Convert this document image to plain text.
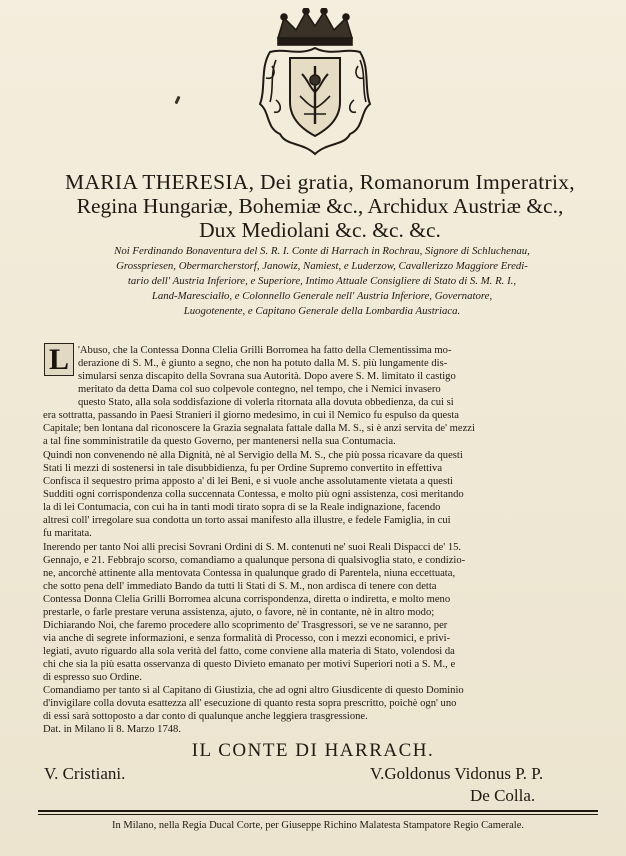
MARIA THERESIA, Dei gratia, Romanorum Imperatrix,
Regina Hungariæ, Bohemiæ &c., Archidux Austriæ &c.,
Dux Mediolani &c. &c. &c.
Noi Ferdinando Bonaventura del S. R. I. Conte di Harrach in Rochrau, Signore di Schluchenau,
Grosspriesen, Obermarcherstorf, Janowiz, Namiest, e Luderzow, Cavallerizzo Maggiore Eredi-
tario dell' Austria Inferiore, e Superiore, Intimo Attuale Consigliere di Stato di S. M. R. I.,
Land-Marescialło, e Colonnello Generale nell' Austria Inferiore, Governatore,
Luogotenente, e Capitano Generale della Lombardia Austriaca.
L 'Abuso, che la Contessa Donna Clelia Grilli Borromea ha fatto della Clementissima mo-
derazione di S. M., è giunto a segno, che non ha potuto dalla M. S. più lungamente dis-
simularsi senza discapito della Sovrana sua Autorità. Dopo avere S. M. limitato il castigo
meritato da detta Dama col suo colpevole contegno, nel tempo, che i Nemici invasero
questo Stato, alla sola soddisfazione di volerla ritornata alla dovuta obbedienza, da cui si
era sottratta, passando in Paesi Stranieri il giorno medesimo, in cui il Nemico fu espulso da questa
Capitale; ben lontana dal riconoscere la Grazia segnalata fattale dalla M. S., si è anzi servita de' mezzi
a tal fine somministratile da questo Governo, per mantenersi nella sua Contumacia.
Quindi non convenendo nè alla Dignità, nè al Servigio della M. S., che più possa ricavare da questi
Stati li mezzi di sostenersi in tale disubbidienza, fu per Ordine Supremo convertito in effettiva
Confisca il sequestro prima apposto a' di lei Beni, e si vuole anche assolutamente vietata a questi
Sudditi ogni corrispondenza colla succennata Contessa, e molto più ogni assistenza, così meritando
la di lei Contumacia, con cui ha in tanti modi tirato sopra di se la Reale indignazione, facendo
altresì coll' irregolare sua condotta un torto assai manifesto alla illustre, e fedele Famiglia, in cui
fu maritata.
Inerendo per tanto Noi alli precisi Sovrani Ordini di S. M. contenuti ne' suoi Reali Dispacci de' 15.
Gennajo, e 21. Febbrajo scorso, comandiamo a qualunque persona di qualsivoglia stato, e condizio-
ne, ancorchè attinente alla mentovata Contessa in qualunque grado di Parentela, niuna eccettuata,
che sotto pena dell' immediato Bando da tutti li Stati di S. M., non ardisca di tenere con detta
Contessa Donna Clelia Grilli Borromea alcuna corrispondenza, diretta o indiretta, e molto meno
prestarle, o farle prestare veruna assistenza, ajuto, o favore, nè in contante, nè in altro modo;
Dichiarando Noi, che faremo procedere allo scoprimento de' Trasgressori, se ve ne saranno, per
via anche di segrete informazioni, e senza formalità di Processo, con i mezzi economici, e privi-
legiati, avuto riguardo alla sola verità del fatto, come conviene alla materia di Stato, volendosi da
chi che sia la più esatta osservanza di questo Divieto emanato per motivi Superiori noti a S. M., e
di espresso suo Ordine.
Comandiamo per tanto sì al Capitano di Giustizia, che ad ogni altro Giusdicente di questo Dominio
d'invigilare colla dovuta esattezza all' esecuzione di quanto resta sopra prescritto, poichè ogn' uno
di essi sarà sottoposto a dar conto di qualunque anche leggiera trasgressione.
Dat. in Milano li 8. Marzo 1748.
IL CONTE DI HARRACH.
V. Cristiani.	V.Goldonus Vidonus P. P.
De Colla.
In Milano, nella Regia Ducal Corte, per Giuseppe Richino Malatesta Stampatore Regio Camerale.
